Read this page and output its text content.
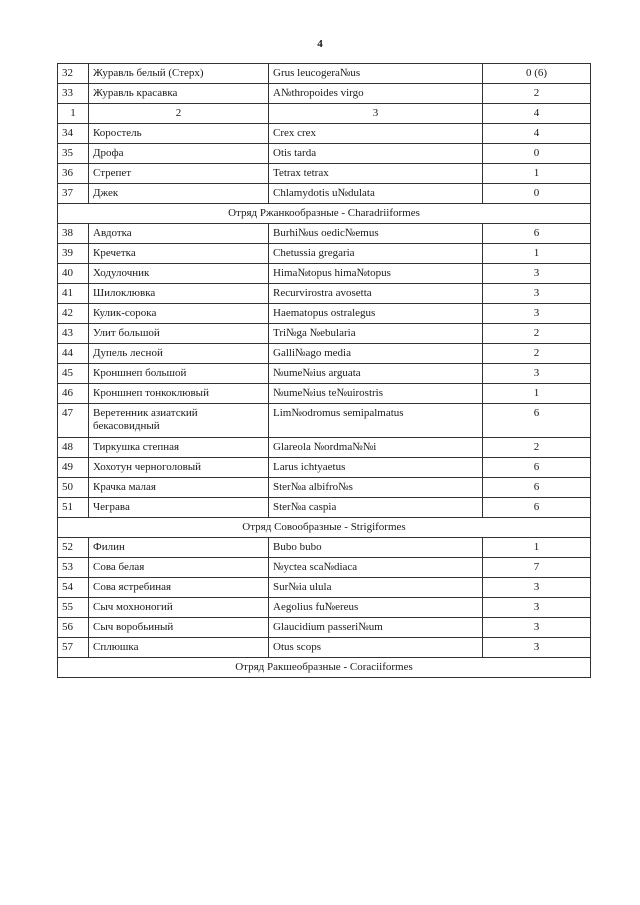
4
32	Журавль белый (Стерх)	Grus leucogera№us	0 (6)
33	Журавль красавка	A№thropoides virgo	2
1	2	3	4
34	Коростель	Crex crex	4
35	Дрофа	Otis tarda	0
36	Стрепет	Tetrax tetrax	1
37	Джек	Chlamydotis u№dulata	0
Отряд Ржанкообразные - Charadriiformes			
38	Авдотка	Burhi№us oedic№emus	6
39	Кречетка	Chetussia gregaria	1
40	Ходулочник	Hima№topus hima№topus	3
41	Шилоклювка	Recurvirostra avosetta	3
42	Кулик-сорока	Haematopus ostralegus	3
43	Улит большой	Tri№ga №ebularia	2
44	Дупель лесной	Galli№ago media	2
45	Кроншнеп большой	№ume№ius arguata	3
46	Кроншнеп тонкоклювый	№ume№ius te№uirostris	1
47	Веретенник азиатский бекасовидный	Lim№odromus semipalmatus	6
48	Тиркушка степная	Glareola №ordma№№i	2
49	Хохотун черноголовый	Larus ichtyaetus	6
50	Крачка малая	Ster№a albifro№s	6
51	Чеграва	Ster№a caspia	6
Отряд Совообразные - Strigiformes			
52	Филин	Bubo bubo	1
53	Сова белая	№yctea sca№diaca	7
54	Сова ястребиная	Sur№ia ulula	3
55	Сыч мохноногий	Aegolius fu№ereus	3
56	Сыч воробьиный	Glaucidium passeri№um	3
57	Сплюшка	Otus scops	3
Отряд Ракшеобразные - Coraciiformes			
